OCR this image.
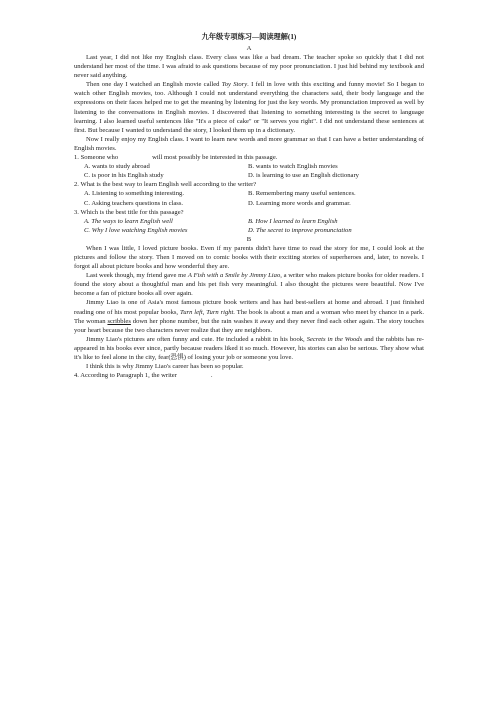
九年级专项练习—阅读理解(1)
A

Last year, I did not like my English class. Every class was like a bad dream. The teacher spoke so quickly that I did not understand her most of the time. I was afraid to ask questions because of my poor pronunciation. I just hid behind my textbook and never said anything.

Then one day I watched an English movie called Toy Story. I fell in love with this exciting and funny movie! So I began to watch other English movies, too. Although I could not understand everything the characters said, their body language and the expressions on their faces helped me to get the meaning by listening for just the key words. My pronunciation improved as well by listening to the conversations in English movies. I discovered that listening to something interesting is the secret to language learning. I also learned useful sentences like "It's a piece of cake" or "It serves you right". I did not understand these sentences at first. But because I wanted to understand the story, I looked them up in a dictionary.

Now I really enjoy my English class. I want to learn new words and more grammar so that I can have a better understanding of English movies.

1. Someone who	will most possibly be interested in this passage.
A. wants to study abroad	B. wants to watch English movies
C. is poor in his English study	D. is learning to use an English dictionary
2. What is the best way to learn English well according to the writer?
A. Listening to something interesting.	B. Remembering many useful sentences.
C. Asking teachers questions in class.	D. Learning more words and grammar.
3. Which is the best title for this passage?
A. The ways to learn English well	B. How I learned to learn English
C. Why I love watching English movies	D. The secret to improve pronunciation
B

When I was little, I loved picture books. Even if my parents didn't have time to read the story for me, I could look at the pictures and follow the story. Then I moved on to comic books with their exciting stories of superheroes and, later, to novels. I forgot all about picture books and how wonderful they are.

Last week though, my friend gave me A Fish with a Smile by Jimmy Liao, a writer who makes picture books for older readers. I found the story about a thoughtful man and his pet fish very meaningful. I also thought the pictures were beautiful. Now I've become a fan of picture books all over again.

Jimmy Liao is one of Asia's most famous picture book writers and has had best-sellers at home and abroad. I just finished reading one of his most popular books, Turn left, Turn right. The book is about a man and a woman who meet by chance in a park. The woman scribbles down her phone number, but the rain washes it away and they never find each other again. The story touches your heart because the two characters never realize that they are neighbors.

Jimmy Liao's pictures are often funny and cute. He included a rabbit in his book, Secrets in the Woods and the rabbits has re-appeared in his books ever since, partly because readers liked it so much. However, his stories can also be serious. They show what it's like to feel alone in the city, fear(恐惧) of losing your job or someone you love.

I think this is why Jimmy Liao's career has been so popular.

4. According to Paragraph 1, the writer	.
